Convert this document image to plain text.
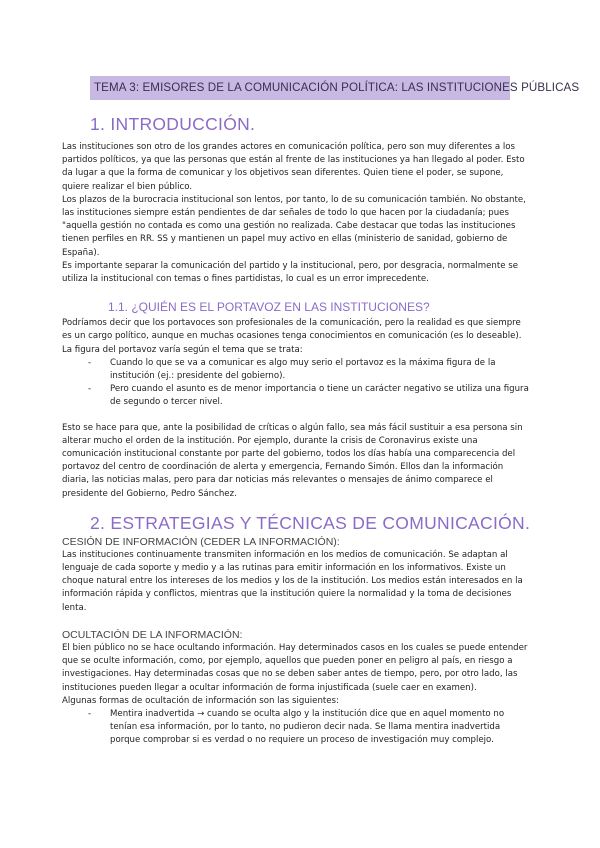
TEMA 3: EMISORES DE LA COMUNICACIÓN POLÍTICA: LAS INSTITUCIONES PÚBLICAS
1. INTRODUCCIÓN.

Las instituciones son otro de los grandes actores en comunicación política, pero son muy diferentes a los partidos políticos, ya que las personas que están al frente de las instituciones ya han llegado al poder. Esto da lugar a que la forma de comunicar y los objetivos sean diferentes. Quien tiene el poder, se supone, quiere realizar el bien público.

Los plazos de la burocracia institucional son lentos, por tanto, lo de su comunicación también. No obstante, las instituciones siempre están pendientes de dar señales de todo lo que hacen por la ciudadanía; pues "aquella gestión no contada es como una gestión no realizada. Cabe destacar que todas las instituciones tienen perfiles en RR. SS y mantienen un papel muy activo en ellas (ministerio de sanidad, gobierno de España).

Es importante separar la comunicación del partido y la institucional, pero, por desgracia, normalmente se utiliza la institucional con temas o fines partidistas, lo cual es un error imprecedente.

1.1. ¿QUIÉN ES EL PORTAVOZ EN LAS INSTITUCIONES?

Podríamos decir que los portavoces son profesionales de la comunicación, pero la realidad es que siempre es un cargo político, aunque en muchas ocasiones tenga conocimientos en comunicación (es lo deseable). La figura del portavoz varía según el tema que se trata:

- Cuando lo que se va a comunicar es algo muy serio el portavoz es la máxima figura de la institución (ej.: presidente del gobierno).
- Pero cuando el asunto es de menor importancia o tiene un carácter negativo se utiliza una figura de segundo o tercer nivel.

Esto se hace para que, ante la posibilidad de críticas o algún fallo, sea más fácil sustituir a esa persona sin alterar mucho el orden de la institución. Por ejemplo, durante la crisis de Coronavirus existe una comunicación institucional constante por parte del gobierno, todos los días había una comparecencia del portavoz del centro de coordinación de alerta y emergencia, Fernando Simón. Ellos dan la información diaria, las noticias malas, pero para dar noticias más relevantes o mensajes de ánimo comparece el presidente del Gobierno, Pedro Sánchez.

2. ESTRATEGIAS Y TÉCNICAS DE COMUNICACIÓN.
CESIÓN DE INFORMACIÓN (CEDER LA INFORMACIÓN):

Las instituciones continuamente transmiten información en los medios de comunicación. Se adaptan al lenguaje de cada soporte y medio y a las rutinas para emitir información en los informativos. Existe un choque natural entre los intereses de los medios y los de la institución. Los medios están interesados en la información rápida y conflictos, mientras que la institución quiere la normalidad y la toma de decisiones lenta.

OCULTACIÓN DE LA INFORMACIÓN:

El bien público no se hace ocultando información. Hay determinados casos en los cuales se puede entender que se oculte información, como, por ejemplo, aquellos que pueden poner en peligro al país, en riesgo a investigaciones. Hay determinadas cosas que no se deben saber antes de tiempo, pero, por otro lado, las instituciones pueden llegar a ocultar información de forma injustificada (suele caer en examen).

Algunas formas de ocultación de información son las siguientes:

- Mentira inadvertida → cuando se oculta algo y la institución dice que en aquel momento no tenían esa información, por lo tanto, no pudieron decir nada. Se llama mentira inadvertida porque comprobar si es verdad o no requiere un proceso de investigación muy complejo.
